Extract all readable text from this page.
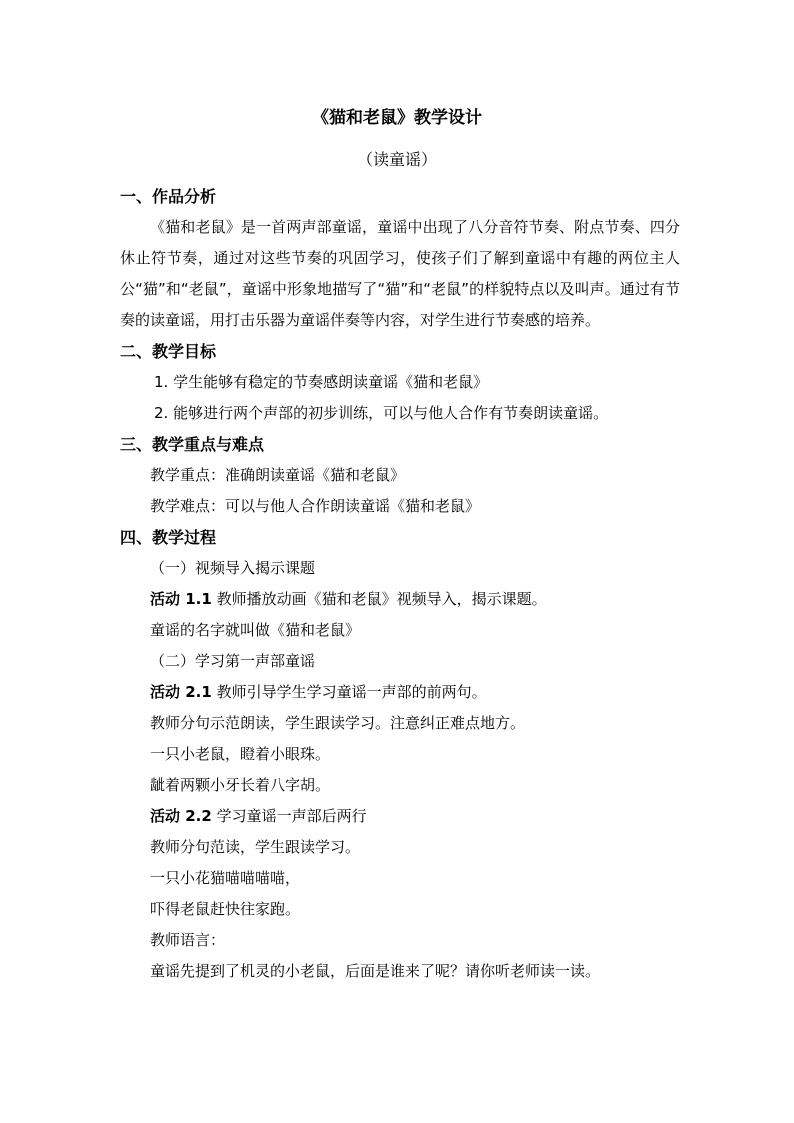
《猫和老鼠》教学设计
（读童谣）

一、作品分析

《猫和老鼠》是一首两声部童谣，童谣中出现了八分音符节奏、附点节奏、四分休止符节奏，通过对这些节奏的巩固学习，使孩子们了解到童谣中有趣的两位主人公“猫”和“老鼠”，童谣中形象地描写了“猫”和“老鼠”的样貌特点以及叫声。通过有节奏的读童谣，用打击乐器为童谣伴奏等内容，对学生进行节奏感的培养。

二、教学目标

1. 学生能够有稳定的节奏感朗读童谣《猫和老鼠》

2. 能够进行两个声部的初步训练，可以与他人合作有节奏朗读童谣。

三、教学重点与难点

教学重点：准确朗读童谣《猫和老鼠》

教学难点：可以与他人合作朗读童谣《猫和老鼠》

四、教学过程

（一）视频导入揭示课题

活动 1.1 教师播放动画《猫和老鼠》视频导入，揭示课题。

童谣的名字就叫做《猫和老鼠》

（二）学习第一声部童谣

活动 2.1 教师引导学生学习童谣一声部的前两句。

教师分句示范朗读，学生跟读学习。注意纠正难点地方。

一只小老鼠，瞪着小眼珠。

龇着两颗小牙长着八字胡。

活动 2.2 学习童谣一声部后两行

教师分句范读，学生跟读学习。

一只小花猫喵喵喵喵，

吓得老鼠赶快往家跑。

教师语言：

童谣先提到了机灵的小老鼠，后面是谁来了呢？请你听老师读一读。
